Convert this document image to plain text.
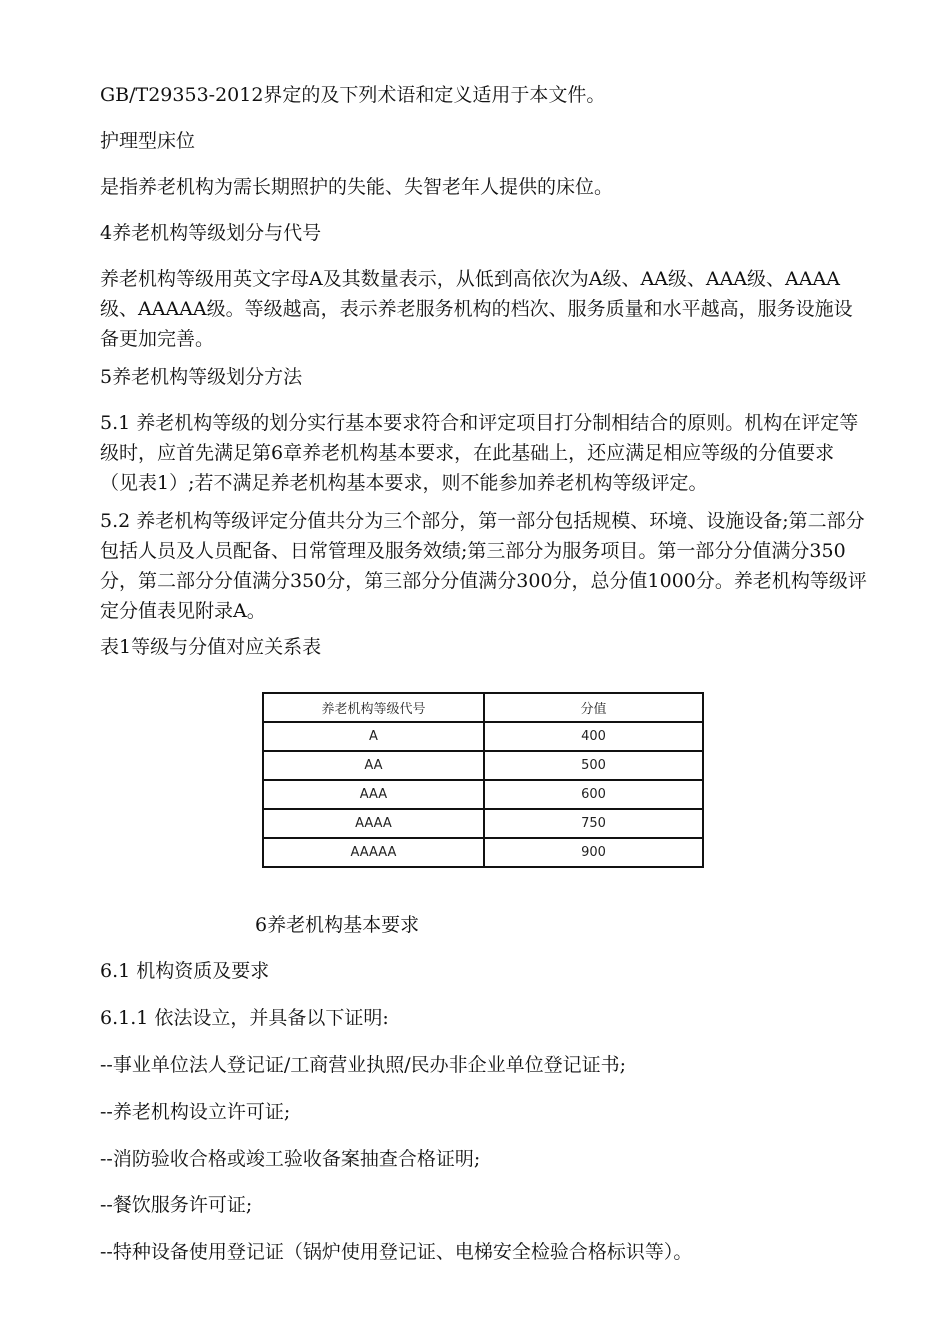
GB/T29353-2012界定的及下列术语和定义适用于本文件。

护理型床位

是指养老机构为需长期照护的失能、失智老年人提供的床位。

4养老机构等级划分与代号

养老机构等级用英文字母A及其数量表示，从低到高依次为A级、AA级、AAA级、AAAA级、AAAAA级。等级越高，表示养老服务机构的档次、服务质量和水平越高，服务设施设备更加完善。

5养老机构等级划分方法

5.1 养老机构等级的划分实行基本要求符合和评定项目打分制相结合的原则。机构在评定等级时，应首先满足第6章养老机构基本要求，在此基础上，还应满足相应等级的分值要求（见表1）;若不满足养老机构基本要求，则不能参加养老机构等级评定。

5.2 养老机构等级评定分值共分为三个部分，第一部分包括规模、环境、设施设备;第二部分包括人员及人员配备、日常管理及服务效绩;第三部分为服务项目。第一部分分值满分350分，第二部分分值满分350分，第三部分分值满分300分，总分值1000分。养老机构等级评定分值表见附录A。

表1等级与分值对应关系表

养老机构等级代号	分值
A	400
AA	500
AAA	600
AAAA	750
AAAAA	900

6养老机构基本要求

6.1 机构资质及要求

6.1.1 依法设立，并具备以下证明:

--事业单位法人登记证/工商营业执照/民办非企业单位登记证书;

--养老机构设立许可证;

--消防验收合格或竣工验收备案抽查合格证明;

--餐饮服务许可证;

--特种设备使用登记证（锅炉使用登记证、电梯安全检验合格标识等）。
